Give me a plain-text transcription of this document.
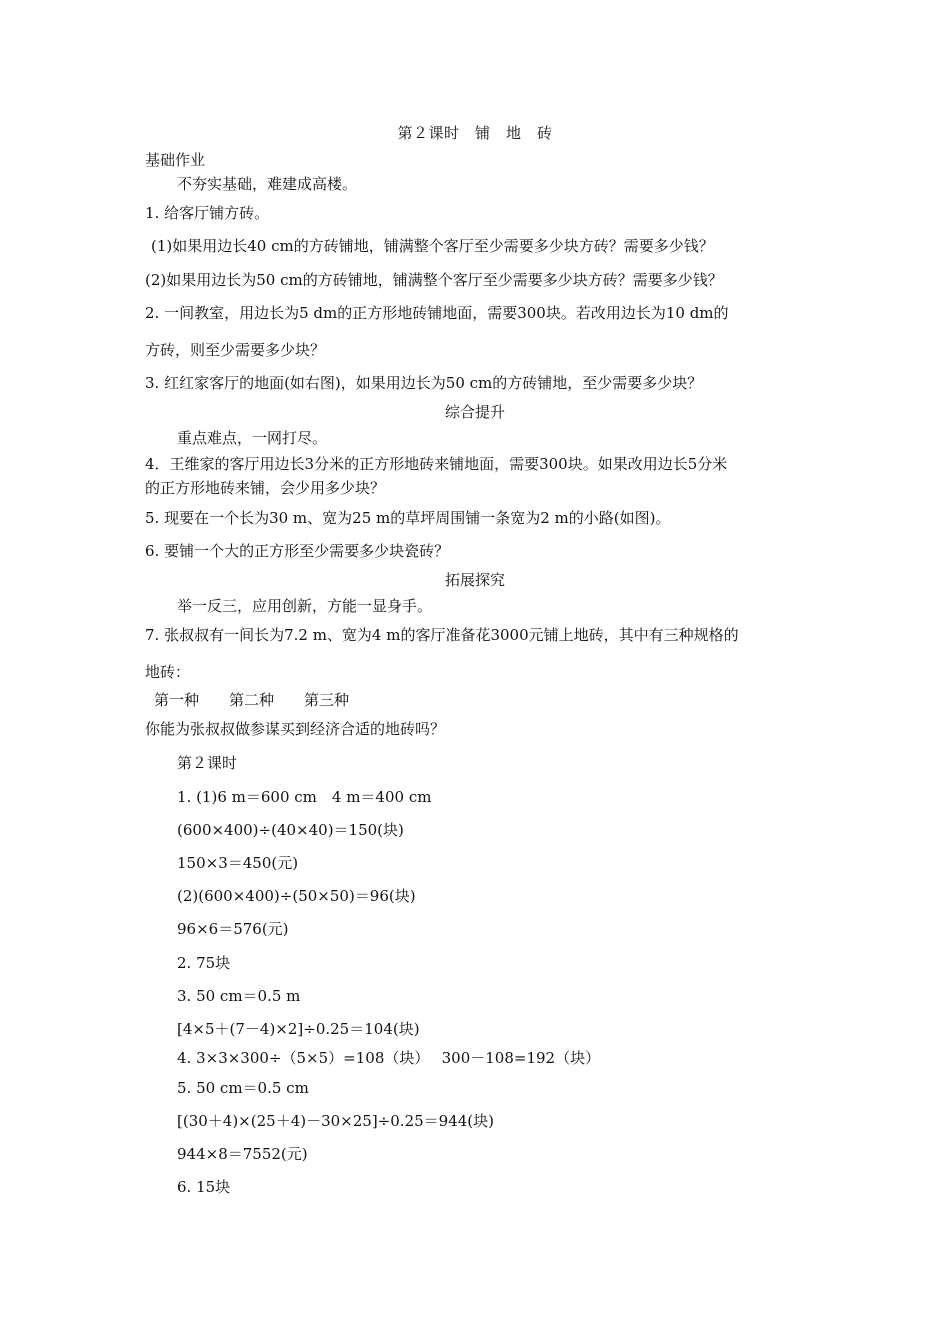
第２课时　铺　地　砖
基础作业
不夯实基础，难建成高楼。
1. 给客厅铺方砖。
(1)如果用边长40 cm的方砖铺地，铺满整个客厅至少需要多少块方砖？需要多少钱？
(2)如果用边长为50 cm的方砖铺地，铺满整个客厅至少需要多少块方砖？需要多少钱？
2. 一间教室，用边长为5 dm的正方形地砖铺地面，需要300块。若改用边长为10 dm的
方砖，则至少需要多少块？
3. 红红家客厅的地面(如右图)，如果用边长为50 cm的方砖铺地，至少需要多少块？
综合提升
重点难点，一网打尽。
4．王维家的客厅用边长3分米的正方形地砖来铺地面，需要300块。如果改用边长5分米
的正方形地砖来铺，会少用多少块？
5. 现要在一个长为30 m、宽为25 m的草坪周围铺一条宽为2 m的小路(如图)。
6. 要铺一个大的正方形至少需要多少块瓷砖？
拓展探究
举一反三，应用创新，方能一显身手。
7. 张叔叔有一间长为7.2 m、宽为4 m的客厅准备花3000元铺上地砖，其中有三种规格的
地砖：
第一种 第二种 第三种
你能为张叔叔做参谋买到经济合适的地砖吗？
第２课时
1. (1)6 m＝600 cm　4 m＝400 cm
(600×400)÷(40×40)＝150(块)
150×3＝450(元)
(2)(600×400)÷(50×50)＝96(块)
96×6＝576(元)
2. 75块
3. 50 cm＝0.5 m
[4×5＋(7－4)×2]÷0.25＝104(块)
4. 3×3×300÷（5×5）=108（块）　 300－108=192（块）
5. 50 cm＝0.5 cm
[(30＋4)×(25＋4)－30×25]÷0.25＝944(块)
944×8＝7552(元)
6. 15块
